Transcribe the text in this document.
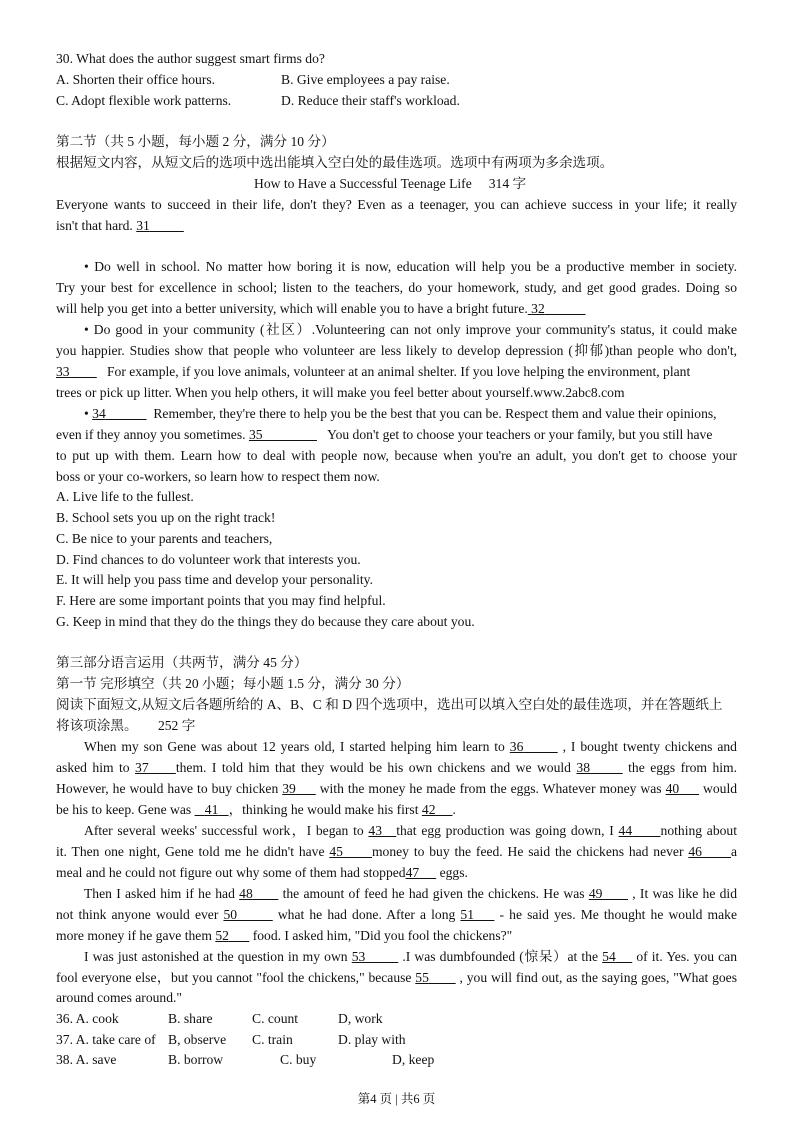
30. What does the author suggest smart firms do?
A. Shorten their office hours.	B. Give employees a pay raise.
C. Adopt flexible work patterns.	D. Reduce their staff's workload.
第二节（共 5 小题，每小题 2 分，满分 10 分）
根据短文内容，从短文后的选项中选出能填入空白处的最佳选项。选项中有两项为多余选项。
How to Have a Successful Teenage Life 314 字
Everyone wants to succeed in their life, don't they? Even as a teenager, you can achieve success in your life; it really
isn't that hard. 31
• Do well in school. No matter how boring it is now, education will help you be a productive member in society.
Try your best for excellence in school; listen to the teachers, do your homework, study, and get good grades. Doing so
will help you get into a better university, which will enable you to have a bright future. 32
• Do good in your community (社区）.Volunteering can not only improve your community's status, it could make
you happier. Studies show that people who volunteer are less likely to develop depression (抑郁)than people who don't,
33	For example, if you love animals, volunteer at an animal shelter. If you love helping the environment, plant
trees or pick up litter. When you help others, it will make you feel better about yourself.www.2abc8.com
• 34	Remember, they're there to help you be the best that you can be. Respect them and value their opinions,
even if they annoy you sometimes. 35	You don't get to choose your teachers or your family, but you still have
to put up with them. Learn how to deal with people now, because when you're an adult, you don't get to choose your
boss or your co-workers, so learn how to respect them now.
A. Live life to the fullest.
B. School sets you up on the right track!
C. Be nice to your parents and teachers,
D. Find chances to do volunteer work that interests you.
E. It will help you pass time and develop your personality.
F. Here are some important points that you may find helpful.
G. Keep in mind that they do the things they do because they care about you.
第三部分语言运用（共两节，满分 45 分）
第一节 完形填空（共 20 小题；每小题 1.5 分，满分 30 分）
阅读下面短文,从短文后各题所给的 A、B、C 和 D 四个选项中，选出可以填入空白处的最佳选项，并在答题纸上
将该项涂黑。 252 字
When my son Gene was about 12 years old, I started helping him learn to 36	, I bought twenty chickens and
asked him to 37 them. I told him that they would be his own chickens and we would 38	the eggs from him.
However, he would have to buy chicken 39 with the money he made from the eggs. Whatever money was 40 would
be his to keep. Gene was 41 ，thinking he would make his first 42 .
After several weeks' successful work，I began to 43 that egg production was going down, I 44 nothing about
it. Then one night, Gene told me he didn't have 45 money to buy the feed. He said the chickens had never 46 a
meal and he could not figure out why some of them had stopped47 eggs.
Then I asked him if he had 48 the amount of feed he had given the chickens. He was 49 , It was like he did
not think anyone would ever 50	what he had done. After a long 51 - he said yes. Me thought he would make
more money if he gave them 52 food. I asked him, "Did you fool the chickens?"
I was just astonished at the question in my own 53	.I was dumbfounded (惊呆）at the 54 of it. Yes. you can
fool everyone else，but you cannot "fool the chickens," because 55 , you will find out, as the saying goes, "What goes
around comes around."
36. A. cook	B. share	C. count	D, work
37. A. take care of B, observe C. train	D. play with
38. A. save	B. borrow	C. buy	D, keep
第4 页 | 共6 页
